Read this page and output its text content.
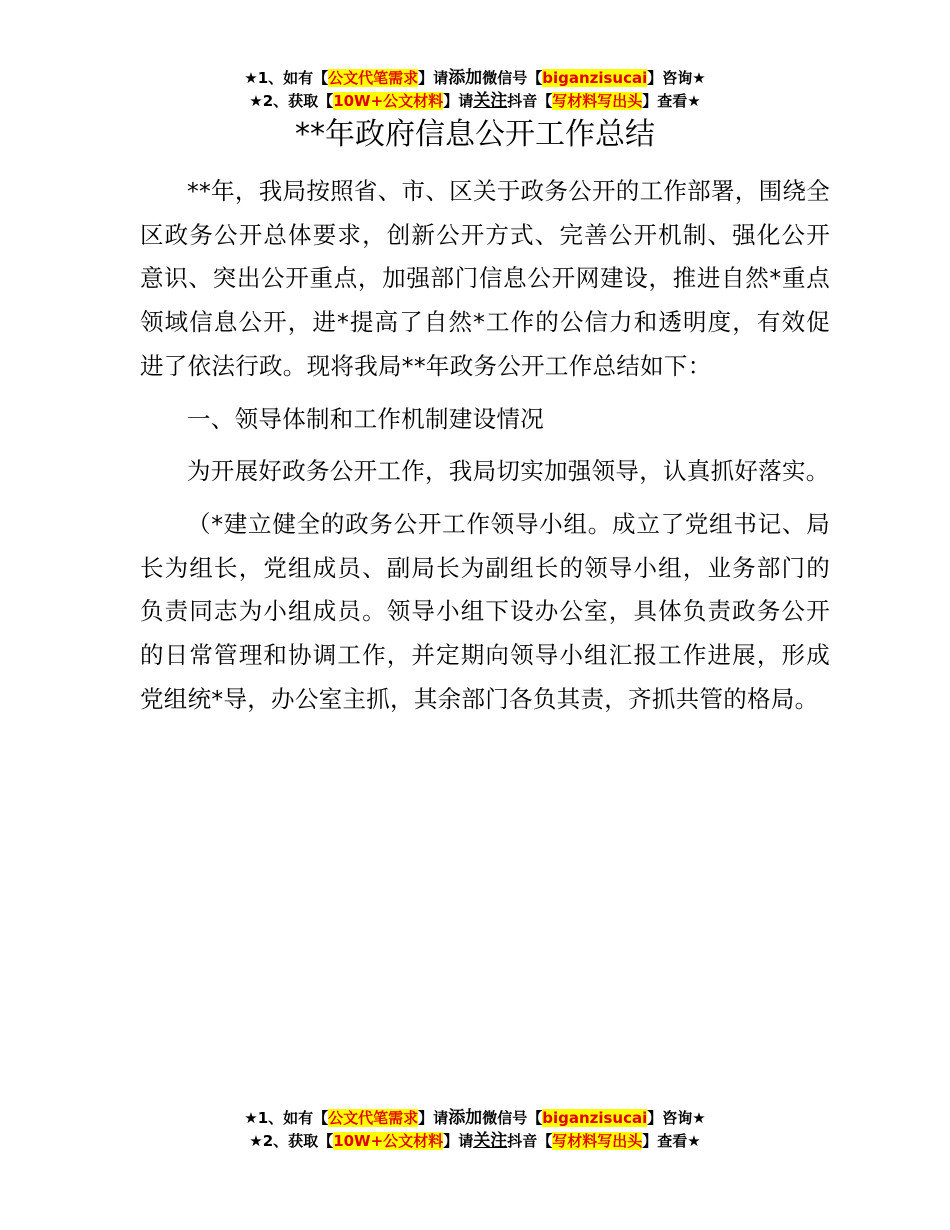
★1、如有【公文代笔需求】请添加微信号【biganzisucai】咨询★
★2、获取【10W+公文材料】请关注抖音【写材料写出头】查看★
**年政府信息公开工作总结

**年，我局按照省、市、区关于政务公开的工作部署，围绕全区政务公开总体要求，创新公开方式、完善公开机制、强化公开意识、突出公开重点，加强部门信息公开网建设，推进自然*重点领域信息公开，进*提高了自然*工作的公信力和透明度，有效促进了依法行政。现将我局**年政务公开工作总结如下：

一、领导体制和工作机制建设情况

为开展好政务公开工作，我局切实加强领导，认真抓好落实。

（*建立健全的政务公开工作领导小组。成立了党组书记、局长为组长，党组成员、副局长为副组长的领导小组，业务部门的负责同志为小组成员。领导小组下设办公室，具体负责政务公开的日常管理和协调工作，并定期向领导小组汇报工作进展，形成党组统*导，办公室主抓，其余部门各负其责，齐抓共管的格局。

★1、如有【公文代笔需求】请添加微信号【biganzisucai】咨询★
★2、获取【10W+公文材料】请关注抖音【写材料写出头】查看★
